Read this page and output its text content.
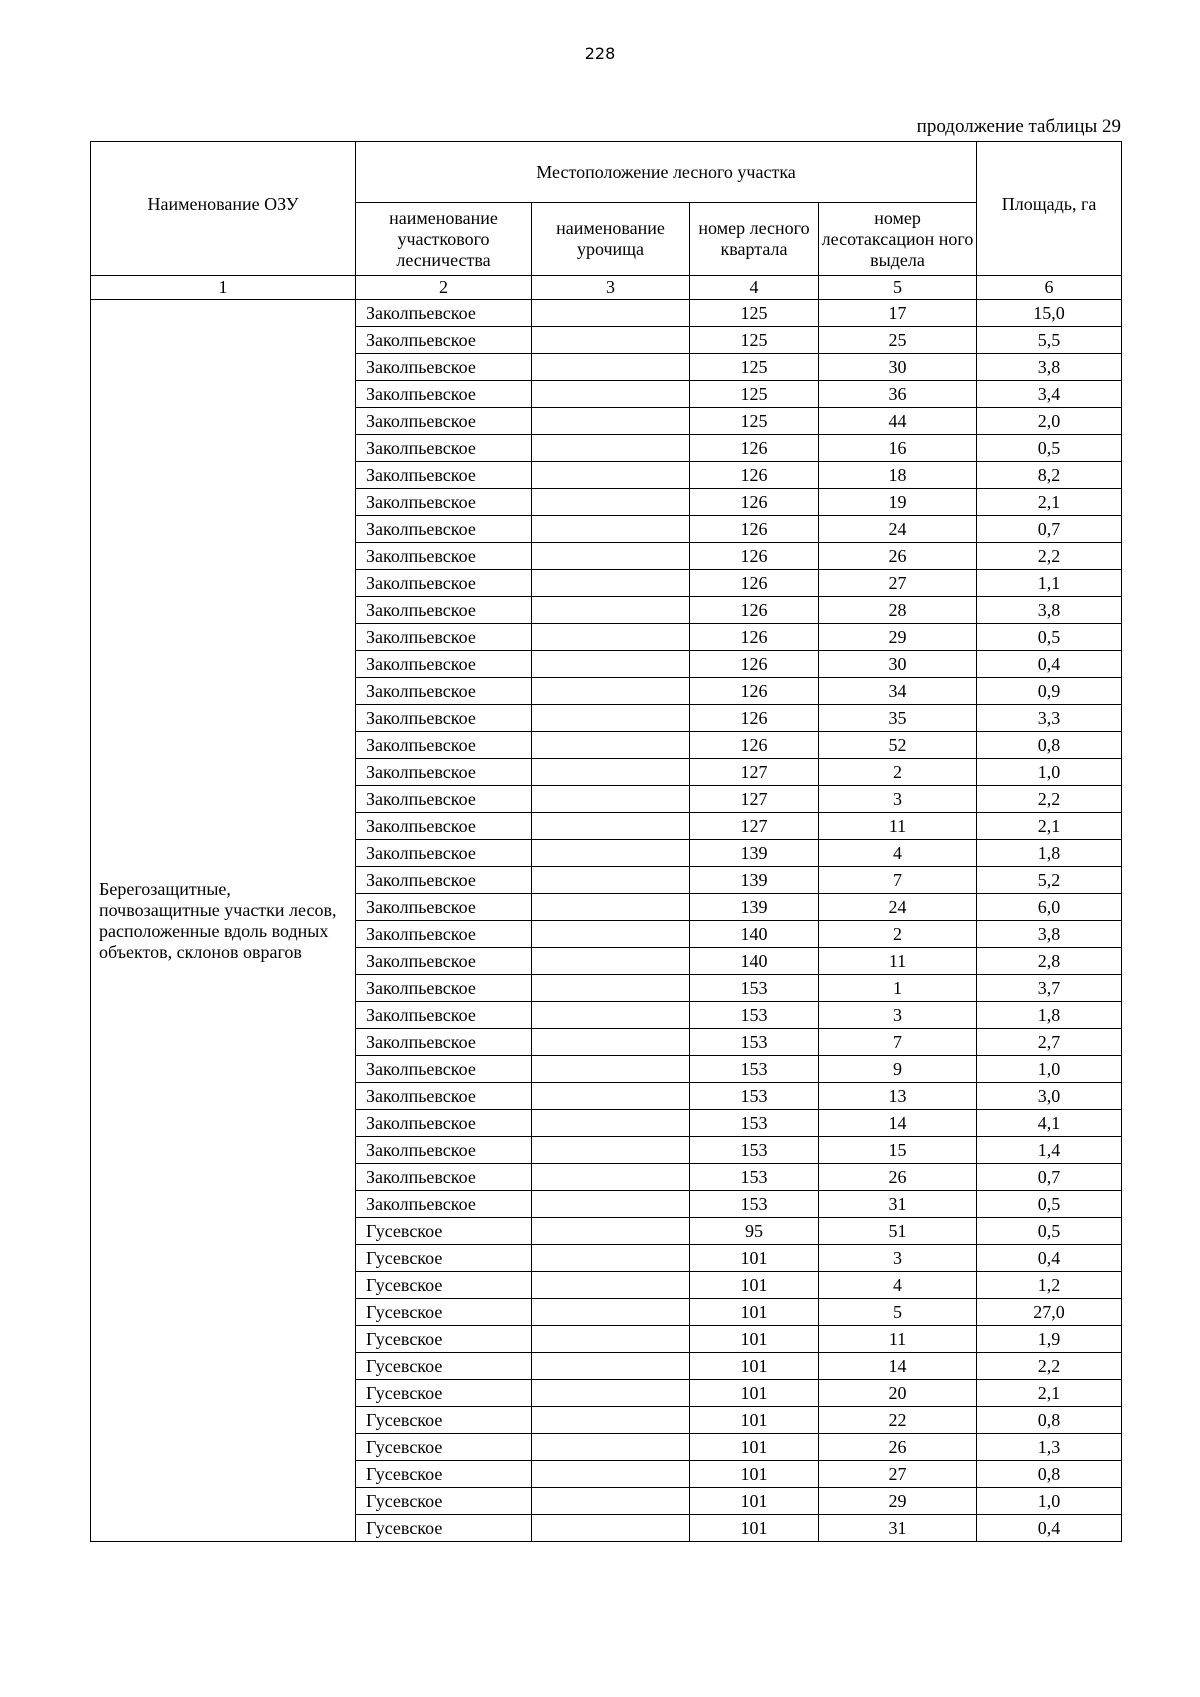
228
продолжение таблицы 29
Наименование ОЗУ	Местоположение лесного участка				Площадь, га
	наименование участкового лесничества	наименование урочища	номер лесного квартала	номер лесотаксацион ного выдела	
1	2	3	4	5	6
Берегозащитные, почвозащитные участки лесов, расположенные вдоль водных объектов, склонов оврагов	Заколпьевское		125	17	15,0
	Заколпьевское		125	25	5,5
	Заколпьевское		125	30	3,8
	Заколпьевское		125	36	3,4
	Заколпьевское		125	44	2,0
	Заколпьевское		126	16	0,5
	Заколпьевское		126	18	8,2
	Заколпьевское		126	19	2,1
	Заколпьевское		126	24	0,7
	Заколпьевское		126	26	2,2
	Заколпьевское		126	27	1,1
	Заколпьевское		126	28	3,8
	Заколпьевское		126	29	0,5
	Заколпьевское		126	30	0,4
	Заколпьевское		126	34	0,9
	Заколпьевское		126	35	3,3
	Заколпьевское		126	52	0,8
	Заколпьевское		127	2	1,0
	Заколпьевское		127	3	2,2
	Заколпьевское		127	11	2,1
	Заколпьевское		139	4	1,8
	Заколпьевское		139	7	5,2
	Заколпьевское		139	24	6,0
	Заколпьевское		140	2	3,8
	Заколпьевское		140	11	2,8
	Заколпьевское		153	1	3,7
	Заколпьевское		153	3	1,8
	Заколпьевское		153	7	2,7
	Заколпьевское		153	9	1,0
	Заколпьевское		153	13	3,0
	Заколпьевское		153	14	4,1
	Заколпьевское		153	15	1,4
	Заколпьевское		153	26	0,7
	Заколпьевское		153	31	0,5
	Гусевское		95	51	0,5
	Гусевское		101	3	0,4
	Гусевское		101	4	1,2
	Гусевское		101	5	27,0
	Гусевское		101	11	1,9
	Гусевское		101	14	2,2
	Гусевское		101	20	2,1
	Гусевское		101	22	0,8
	Гусевское		101	26	1,3
	Гусевское		101	27	0,8
	Гусевское		101	29	1,0
	Гусевское		101	31	0,4
